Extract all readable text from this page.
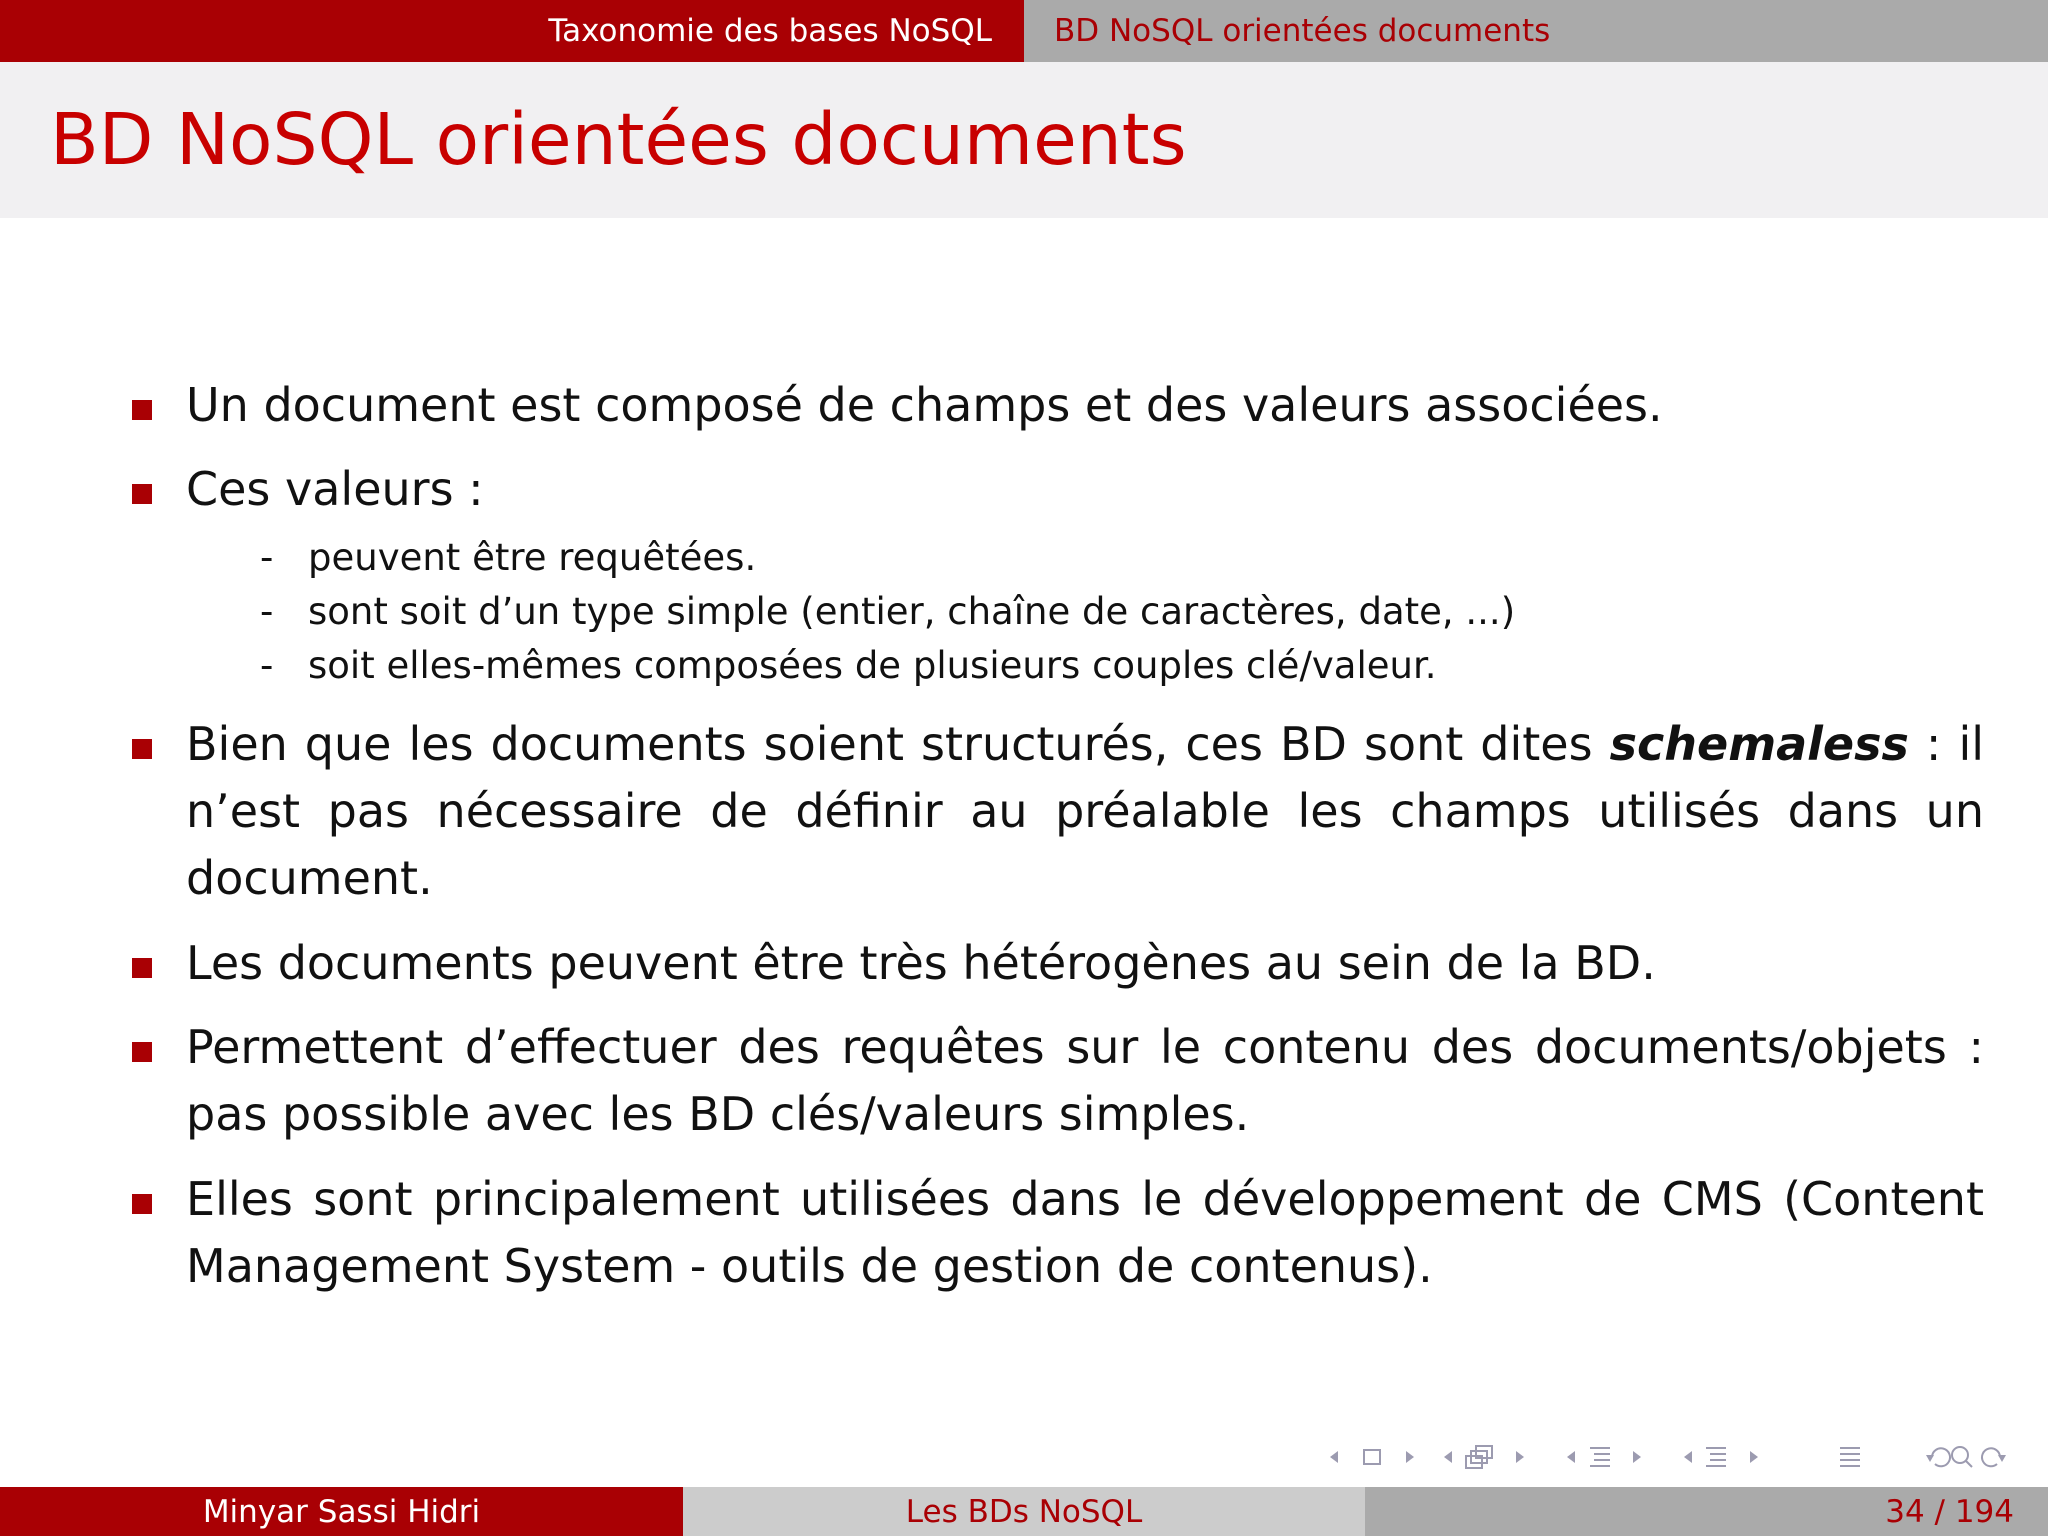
Taxonomie des bases NoSQL BD NoSQL orientées documents
BD NoSQL orientées documents
Un document est composé de champs et des valeurs associées.
Ces valeurs :
- peuvent être requêtées.
- sont soit d’un type simple (entier, chaîne de caractères, date, ...)
- soit elles-mêmes composées de plusieurs couples clé/valeur.
Bien que les documents soient structurés, ces BD sont dites schemaless : il n’est pas nécessaire de définir au préalable les champs utilisés dans un document.
Les documents peuvent être très hétérogènes au sein de la BD.
Permettent d’effectuer des requêtes sur le contenu des documents/objets : pas possible avec les BD clés/valeurs simples.
Elles sont principalement utilisées dans le développement de CMS (Content Management System - outils de gestion de contenus).
Minyar Sassi Hidri	Les BDs NoSQL	34 / 194
